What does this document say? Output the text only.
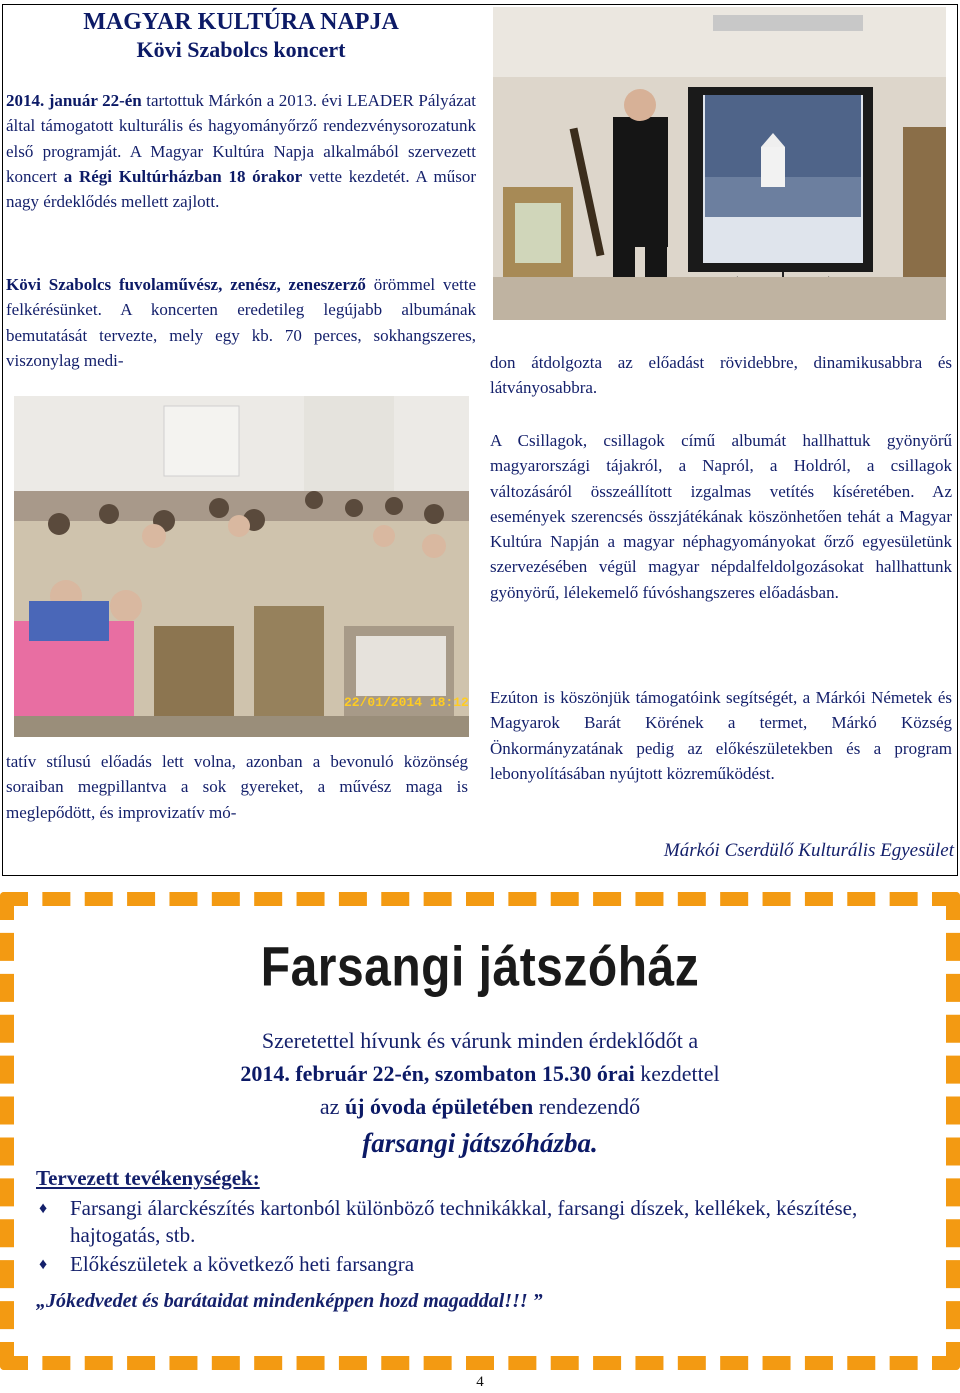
MAGYAR KULTÚRA NAPJA
Kövi Szabolcs koncert
2014. január 22-én tartottuk Márkón a 2013. évi LEADER Pályázat által támogatott kulturális és hagyományőrző rendezvénysorozatunk első programját. A Magyar Kultúra Napja alkalmából szervezett koncert a Régi Kultúrházban 18 órakor vette kezdetét. A műsor nagy érdeklődés mellett zajlott.
Kövi Szabolcs fuvolaművész, zenész, zeneszerző örömmel vette felkérésünket. A koncerten eredetileg legújabb albumának bemutatását tervezte, mely egy kb. 70 perces, sokhangszeres, viszonylag medi-
tatív stílusú előadás lett volna, azonban a bevonuló közönség soraiban megpillantva a sok gyereket, a művész maga is meglepődött, és improvizatív mó-
don átdolgozta az előadást rövidebbre, dinamikusabbra és látványosabbra.
A Csillagok, csillagok című albumát hallhattuk gyönyörű magyarországi tájakról, a Napról, a Holdról, a csillagok változásáról összeállított izgalmas vetítés kíséretében. Az események szerencsés összjátékának köszönhetően tehát a Magyar Kultúra Napján a magyar néphagyományokat őrző egyesületünk szervezésében végül magyar népdalfeldolgozásokat hallhattunk gyönyörű, lélekemelő fúvóshangszeres előadásban.
Ezúton is köszönjük támogatóink segítségét, a Márkói Németek és Magyarok Barát Körének a termet, Márkó Község Önkormányzatának pedig az előkészületekben és a program lebonyolításában nyújtott közreműködést.
Márkói Cserdülő Kulturális Egyesület
22/01/2014 18:12
Farsangi játszóház
Szeretettel hívunk és várunk minden érdeklődőt a
2014. február 22-én, szombaton 15.30 órai kezdettel
az új óvoda épületében rendezendő
farsangi játszóházba.
Tervezett tevékenységek:
♦ Farsangi álarckészítés kartonból különböző technikákkal, farsangi díszek, kellékek, készítése, hajtogatás, stb.
♦ Előkészületek a következő heti farsangra
„Jókedvedet és barátaidat mindenképpen hozd magaddal!!! ”
4
